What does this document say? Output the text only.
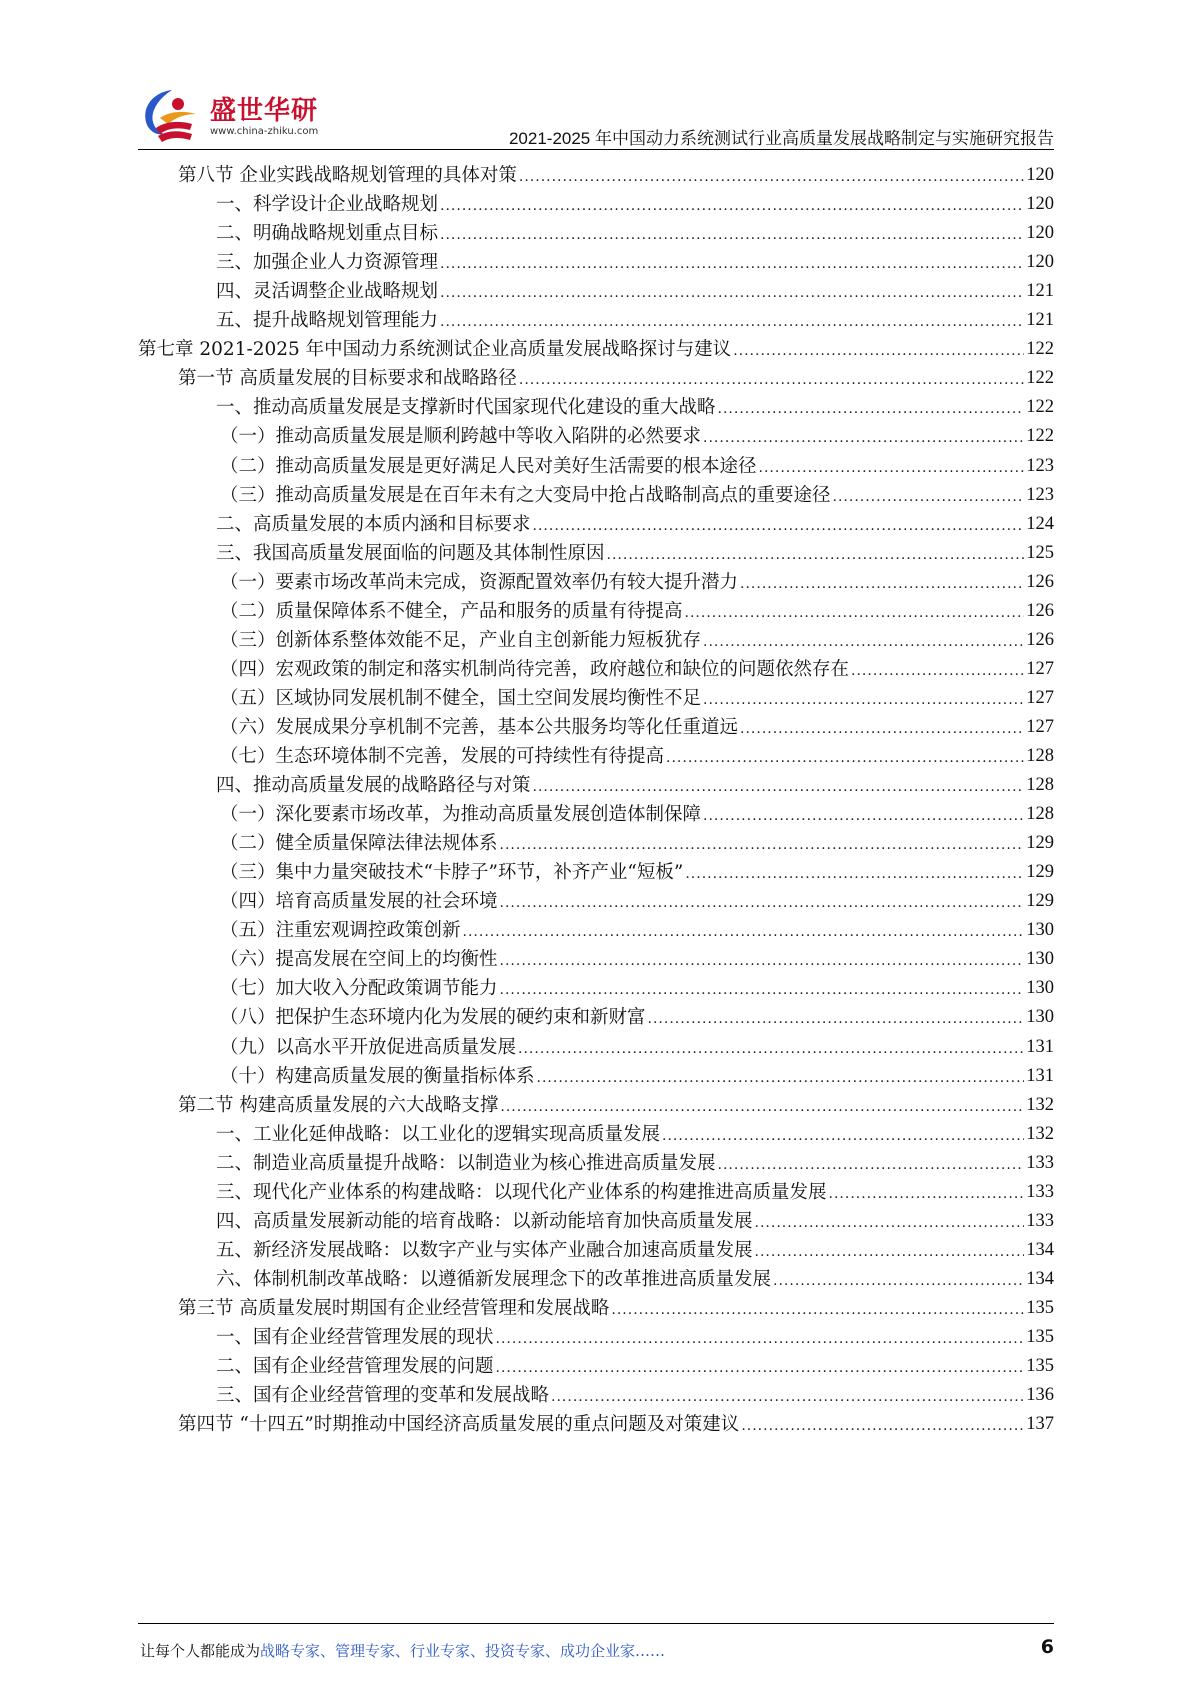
盛世华研
www.china-zhiku.com	2021-2025 年中国动力系统测试行业高质量发展战略制定与实施研究报告
第八节 企业实践战略规划管理的具体对策 .....	120
一、科学设计企业战略规划 .....	120
二、明确战略规划重点目标 .....	120
三、加强企业人力资源管理 .....	120
四、灵活调整企业战略规划 .....	121
五、提升战略规划管理能力 .....	121
第七章 2021-2025 年中国动力系统测试企业高质量发展战略探讨与建议 .....	122
第一节 高质量发展的目标要求和战略路径 .....	122
一、推动高质量发展是支撑新时代国家现代化建设的重大战略 .....	122
（一）推动高质量发展是顺利跨越中等收入陷阱的必然要求 .....	122
（二）推动高质量发展是更好满足人民对美好生活需要的根本途径 .....	123
（三）推动高质量发展是在百年未有之大变局中抢占战略制高点的重要途径 .....	123
二、高质量发展的本质内涵和目标要求 .....	124
三、我国高质量发展面临的问题及其体制性原因 .....	125
（一）要素市场改革尚未完成，资源配置效率仍有较大提升潜力 .....	126
（二）质量保障体系不健全，产品和服务的质量有待提高 .....	126
（三）创新体系整体效能不足，产业自主创新能力短板犹存 .....	126
（四）宏观政策的制定和落实机制尚待完善，政府越位和缺位的问题依然存在 .....	127
（五）区域协同发展机制不健全，国土空间发展均衡性不足 .....	127
（六）发展成果分享机制不完善，基本公共服务均等化任重道远 .....	127
（七）生态环境体制不完善，发展的可持续性有待提高 .....	128
四、推动高质量发展的战略路径与对策 .....	128
（一）深化要素市场改革，为推动高质量发展创造体制保障 .....	128
（二）健全质量保障法律法规体系 .....	129
（三）集中力量突破技术“卡脖子”环节，补齐产业“短板” .....	129
（四）培育高质量发展的社会环境 .....	129
（五）注重宏观调控政策创新 .....	130
（六）提高发展在空间上的均衡性 .....	130
（七）加大收入分配政策调节能力 .....	130
（八）把保护生态环境内化为发展的硬约束和新财富 .....	130
（九）以高水平开放促进高质量发展 .....	131
（十）构建高质量发展的衡量指标体系 .....	131
第二节 构建高质量发展的六大战略支撑 .....	132
一、工业化延伸战略：以工业化的逻辑实现高质量发展 .....	132
二、制造业高质量提升战略：以制造业为核心推进高质量发展 .....	133
三、现代化产业体系的构建战略：以现代化产业体系的构建推进高质量发展 .....	133
四、高质量发展新动能的培育战略：以新动能培育加快高质量发展 .....	133
五、新经济发展战略：以数字产业与实体产业融合加速高质量发展 .....	134
六、体制机制改革战略：以遵循新发展理念下的改革推进高质量发展 .....	134
第三节 高质量发展时期国有企业经营管理和发展战略 .....	135
一、国有企业经营管理发展的现状 .....	135
二、国有企业经营管理发展的问题 .....	135
三、国有企业经营管理的变革和发展战略 .....	136
第四节 “十四五”时期推动中国经济高质量发展的重点问题及对策建议 .....	137
让每个人都能成为战略专家、管理专家、行业专家、投资专家、成功企业家……	6
